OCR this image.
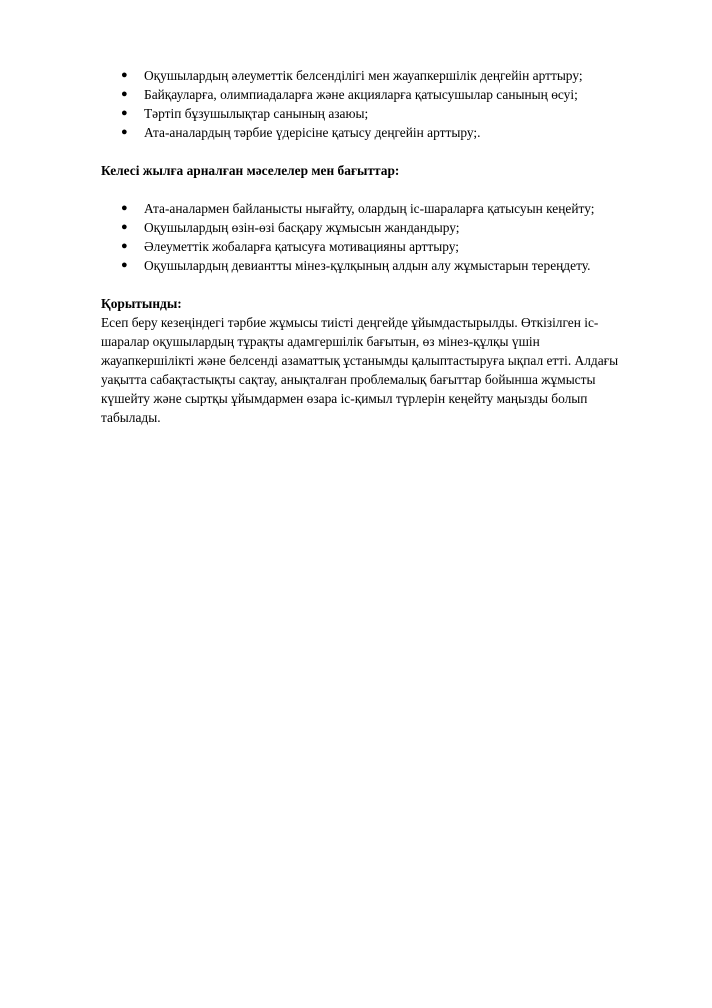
● Оқушылардың әлеуметтік белсенділігі мен жауапкершілік деңгейін арттыру;
● Байқауларға, олимпиадаларға және акцияларға қатысушылар санының өсуі;
● Тәртіп бұзушылықтар санының азаюы;
● Ата-аналардың тәрбие үдерісіне қатысу деңгейін арттыру;.

Келесі жылға арналған мәселелер мен бағыттар:

● Ата-аналармен байланысты нығайту, олардың іс-шараларға қатысуын кеңейту;
● Оқушылардың өзін-өзі басқару жұмысын жандандыру;
● Әлеуметтік жобаларға қатысуға мотивацияны арттыру;
● Оқушылардың девиантты мінез-құлқының алдын алу жұмыстарын тереңдету.

Қорытынды:

Есеп беру кезеңіндегі тәрбие жұмысы тиісті деңгейде ұйымдастырылды. Өткізілген іс-
шаралар оқушылардың тұрақты адамгершілік бағытын, өз мінез-құлқы үшін
жауапкершілікті және белсенді азаматтық ұстанымды қалыптастыруға ықпал етті. Алдағы
уақытта сабақтастықты сақтау, анықталған проблемалық бағыттар бойынша жұмысты
күшейту және сыртқы ұйымдармен өзара іс-қимыл түрлерін кеңейту маңызды болып
табылады.
